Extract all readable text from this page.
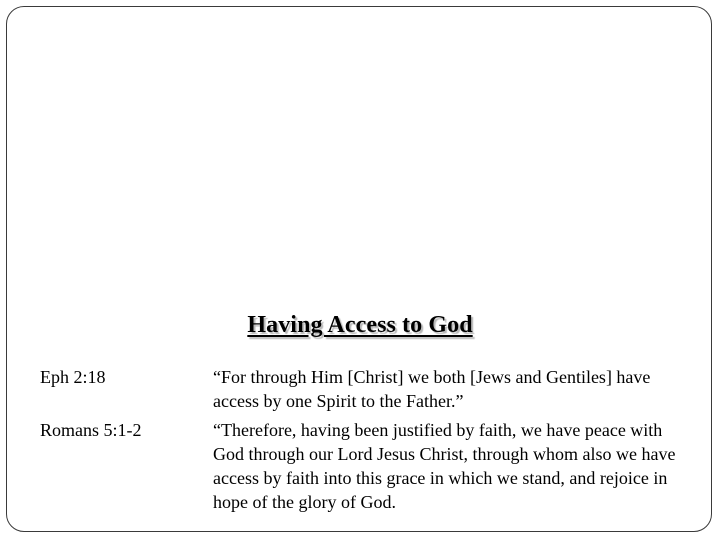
Having Access to God
Eph 2:18	“For through Him [Christ] we both [Jews and Gentiles] have access by one Spirit to the Father.”
Romans 5:1-2	“Therefore, having been justified by faith, we have peace with God through our Lord Jesus Christ, through whom also we have access by faith into this grace in which we stand, and rejoice in hope of the glory of God.
